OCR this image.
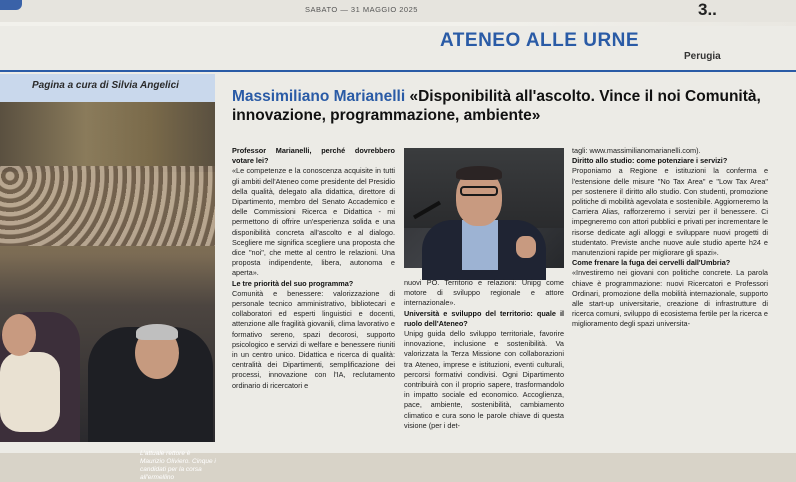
SABATO — 31 MAGGIO 2025	3..
ATENEO ALLE URNE
Perugia
Pagina a cura di Silvia Angelici
L'attuale rettore è Maurizio Oliviero. Cinque i candidati per la corsa all'ermellino
Massimiliano Marianelli «Disponibilità all'ascolto. Vince il noi Comunità, innovazione, programmazione, ambiente»
Professor Marianelli, perché dovrebbero votare lei?
«Le competenze e la conoscenza acquisite in tutti gli ambiti dell'Ateneo come presidente del Presidio della qualità, delegato alla didattica, direttore di Dipartimento, membro del Senato Accademico e delle Commissioni Ricerca e Didattica - mi permettono di offrire un'esperienza solida e una disponibilità concreta all'ascolto e al dialogo. Scegliere me significa scegliere una proposta che dice "noi", che mette al centro le relazioni. Una proposta indipendente, libera, autonoma e aperta».
Le tre priorità del suo programma?
Comunità e benessere: valorizzazione di personale tecnico amministrativo, bibliotecari e collaboratori ed esperti linguistici e docenti, attenzione alle fragilità giovanili, clima lavorativo e formativo sereno, spazi decorosi, supporto psicologico e servizi di welfare e benessere riuniti in un centro unico. Didattica e ricerca di qualità: centralità dei Dipartimenti, semplificazione dei processi, innovazione con l'IA, reclutamento ordinario di ricercatori e
nuovi PO. Territorio e relazioni: Unipg come motore di sviluppo regionale e attore internazionale».
Università e sviluppo del territorio: quale il ruolo dell'Ateneo?
Unipg guida dello sviluppo territoriale, favorire innovazione, inclusione e sostenibilità. Va valorizzata la Terza Missione con collaborazioni tra Ateneo, imprese e istituzioni, eventi culturali, percorsi formativi condivisi. Ogni Dipartimento contribuirà con il proprio sapere, trasformandolo in impatto sociale ed economico. Accoglienza, pace, ambiente, sostenibilità, cambiamento climatico e cura sono le parole chiave di questa visione (per i det-
tagli: www.massimilianomarianelli.com).
Diritto allo studio: come potenziare i servizi?
Proponiamo a Regione e istituzioni la conferma e l'estensione delle misure "No Tax Area" e "Low Tax Area" per sostenere il diritto allo studio. Con studenti, promozione politiche di mobilità agevolata e sostenibile. Aggiorneremo la Carriera Alias, rafforzeremo i servizi per il benessere. Ci impegneremo con attori pubblici e privati per incrementare le risorse dedicate agli alloggi e sviluppare nuovi progetti di studentato. Previste anche nuove aule studio aperte h24 e manutenzioni rapide per migliorare gli spazi».
Come frenare la fuga dei cervelli dall'Umbria?
«Investiremo nei giovani con politiche concrete. La parola chiave è programmazione: nuovi Ricercatori e Professori Ordinari, promozione della mobilità internazionale, supporto alle start-up universitarie, creazione di infrastrutture di ricerca comuni, sviluppo di ecosistema fertile per la ricerca e miglioramento degli spazi universita-
